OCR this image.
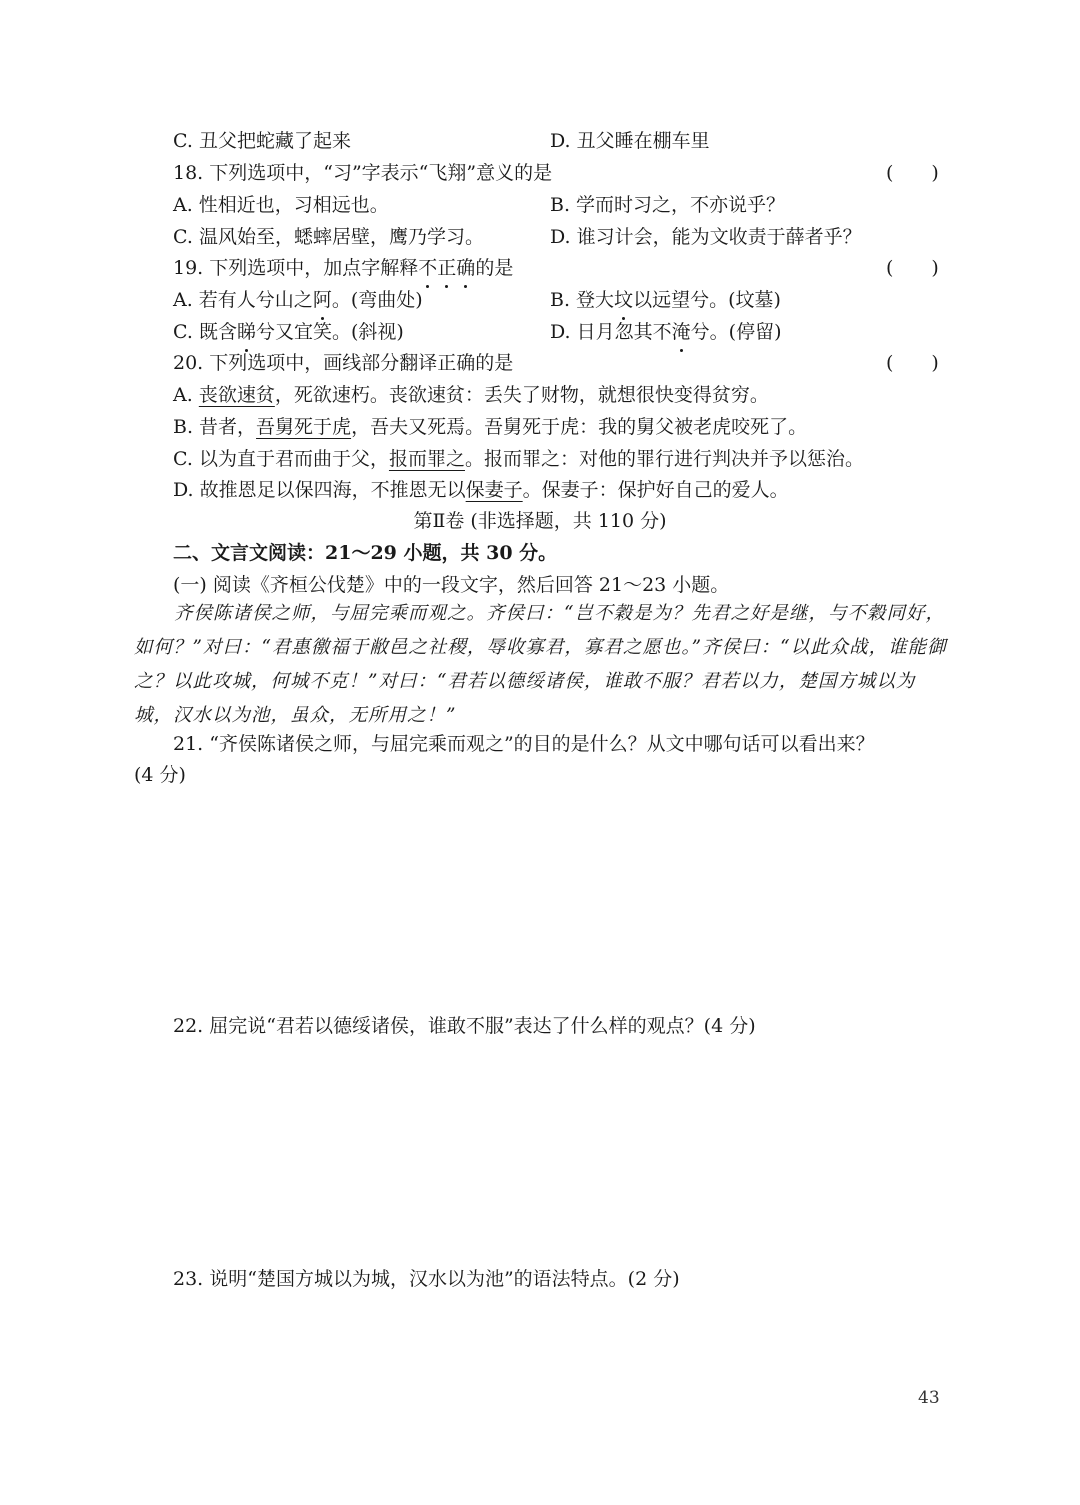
C. 丑父把蛇藏了起来	D. 丑父睡在棚车里
18. 下列选项中，“习”字表示“飞翔”意义的是	(　　)
A. 性相近也，习相远也。	B. 学而时习之，不亦说乎？
C. 温风始至，蟋蟀居壁，鹰乃学习。	D. 谁习计会，能为文收责于薛者乎？
19. 下列选项中，加点字解释不正确的是	(　　)
A. 若有人兮山之阿。(弯曲处)	B. 登大坟以远望兮。(坟墓)
C. 既含睇兮又宜笑。(斜视)	D. 日月忽其不淹兮。(停留)
20. 下列选项中，画线部分翻译正确的是	(　　)
A. 丧欲速贫，死欲速朽。丧欲速贫：丢失了财物，就想很快变得贫穷。
B. 昔者，吾舅死于虎，吾夫又死焉。吾舅死于虎：我的舅父被老虎咬死了。
C. 以为直于君而曲于父，报而罪之。报而罪之：对他的罪行进行判决并予以惩治。
D. 故推恩足以保四海，不推恩无以保妻子。保妻子：保护好自己的爱人。
第Ⅱ卷 (非选择题，共 110 分)
二、文言文阅读：21～29 小题，共 30 分。
(一) 阅读《齐桓公伐楚》中的一段文字，然后回答 21～23 小题。
齐侯陈诸侯之师，与屈完乘而观之。齐侯曰：“岂不穀是为？先君之好是继，与不穀同好，如何？”对曰：“君惠徼福于敝邑之社稷，辱收寡君，寡君之愿也。”齐侯曰：“以此众战，谁能御之？以此攻城，何城不克！”对曰：“君若以德绥诸侯，谁敢不服？君若以力，楚国方城以为城，汉水以为池，虽众，无所用之！”
21. “齐侯陈诸侯之师，与屈完乘而观之”的目的是什么？从文中哪句话可以看出来？
(4 分)
22. 屈完说“君若以德绥诸侯，谁敢不服”表达了什么样的观点？(4 分)
23. 说明“楚国方城以为城，汉水以为池”的语法特点。(2 分)
43
